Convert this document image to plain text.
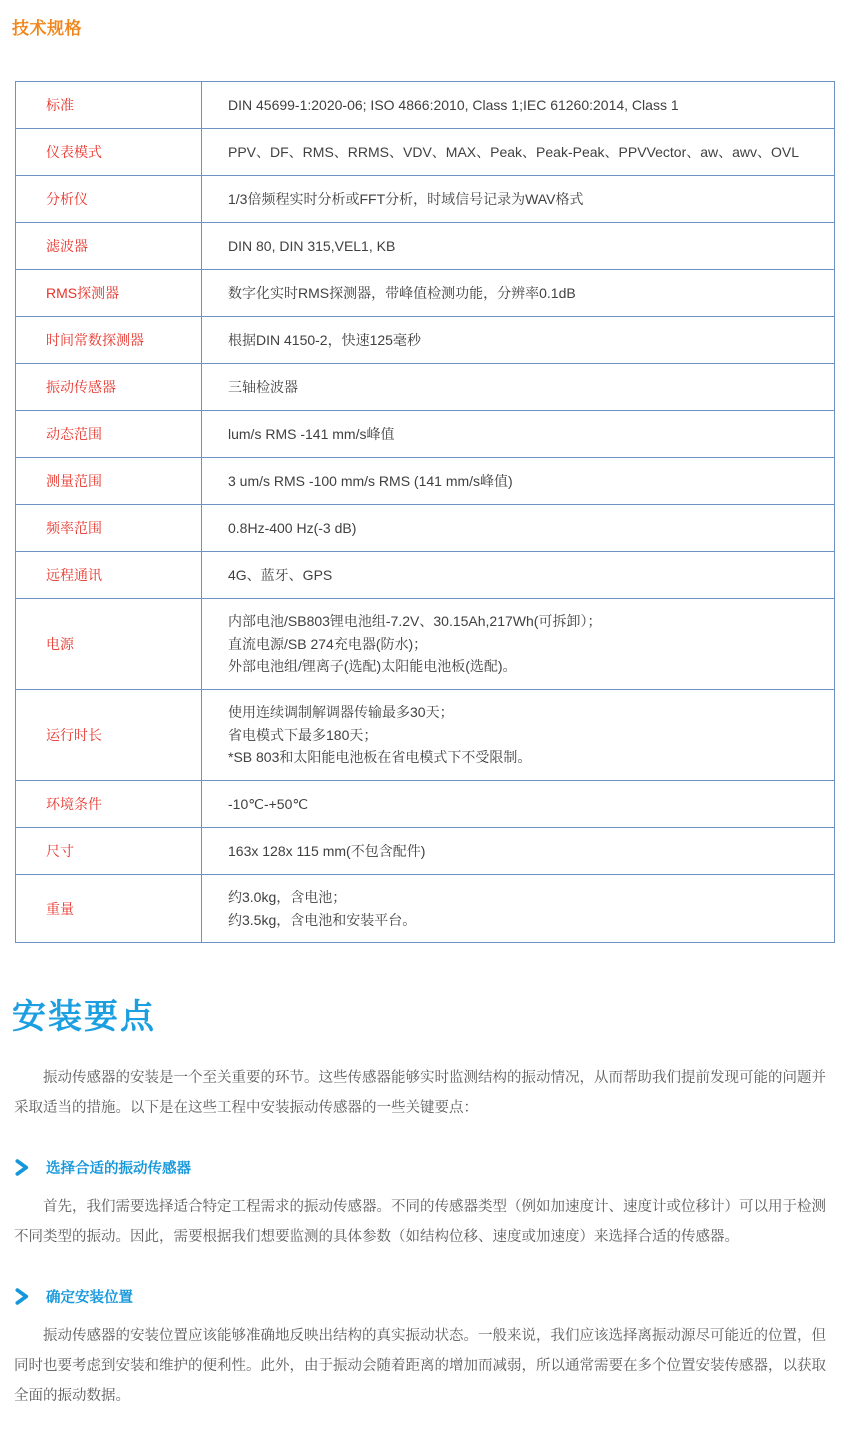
技术规格
标准	DIN 45699-1:2020-06; ISO 4866:2010, Class 1;IEC 61260:2014, Class 1

仪表模式	PPV、DF、RMS、RRMS、VDV、MAX、Peak、Peak-Peak、PPVVector、aw、awv、OVL

分析仪	1/3倍频程实时分析或FFT分析，时域信号记录为WAV格式

滤波器	DIN 80, DIN 315,VEL1, KB

RMS探测器	数字化实时RMS探测器，带峰值检测功能，分辨率0.1dB

时间常数探测器	根据DIN 4150-2，快速125毫秒

振动传感器	三轴检波器

动态范围	lum/s RMS -141 mm/s峰值

测量范围	3 um/s RMS -100 mm/s RMS (141 mm/s峰值)

频率范围	0.8Hz-400 Hz(-3 dB)

远程通讯	4G、蓝牙、GPS

电源	内部电池/SB803锂电池组-7.2V、30.15Ah,217Wh(可拆卸）；
直流电源/SB 274充电器(防水)；
外部电池组/锂离子(选配)太阳能电池板(选配)。

运行时长	使用连续调制解调器传输最多30天；
省电模式下最多180天；
*SB 803和太阳能电池板在省电模式下不受限制。

环境条件	-10℃-+50℃

尺寸	163x 128x 115 mm(不包含配件)

重量	约3.0kg，含电池；
约3.5kg，含电池和安装平台。
安装要点

振动传感器的安装是一个至关重要的环节。这些传感器能够实时监测结构的振动情况，从而帮助我们提前发现可能的问题并采取适当的措施。以下是在这些工程中安装振动传感器的一些关键要点：

选择合适的振动传感器

首先，我们需要选择适合特定工程需求的振动传感器。不同的传感器类型（例如加速度计、速度计或位移计）可以用于检测不同类型的振动。因此，需要根据我们想要监测的具体参数（如结构位移、速度或加速度）来选择合适的传感器。

确定安装位置

振动传感器的安装位置应该能够准确地反映出结构的真实振动状态。一般来说，我们应该选择离振动源尽可能近的位置，但同时也要考虑到安装和维护的便利性。此外，由于振动会随着距离的增加而减弱，所以通常需要在多个位置安装传感器，以获取全面的振动数据。
